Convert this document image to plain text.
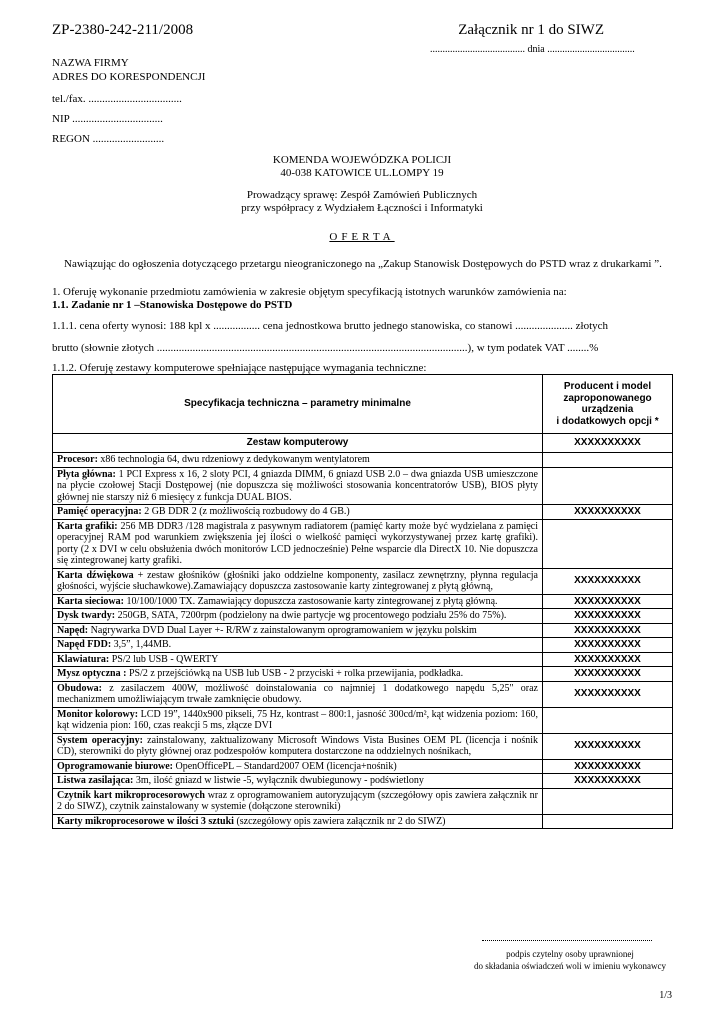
ZP-2380-242-211/2008	Załącznik nr 1 do SIWZ
...................................... dnia ...................................
NAZWA FIRMY
ADRES DO KORESPONDENCJI
tel./fax. ..................................
NIP .................................
REGON ..........................
KOMENDA WOJEWÓDZKA POLICJI
40-038 KATOWICE UL.LOMPY 19
Prowadzący sprawę: Zespół Zamówień Publicznych
przy współpracy z Wydziałem Łączności i Informatyki
OFERTA
Nawiązując do ogłoszenia dotyczącego przetargu nieograniczonego na „Zakup Stanowisk Dostępowych do PSTD wraz z drukarkami ”.
1. Oferuję wykonanie przedmiotu zamówienia w zakresie objętym specyfikacją istotnych warunków zamówienia na:
1.1. Zadanie nr 1 –Stanowiska Dostępowe do PSTD
1.1.1. cena oferty wynosi: 188 kpl x ................. cena jednostkowa brutto jednego stanowiska, co stanowi ..................... złotych
brutto (słownie złotych .................................................................................................................), w tym podatek VAT ........%
1.1.2. Oferuję zestawy komputerowe spełniające następujące wymagania techniczne:
Specyfikacja techniczna – parametry minimalne	Producent i model
zaproponowanego
urządzenia
i dodatkowych opcji *

Zestaw komputerowy	XXXXXXXXXX
Procesor: x86 technologia 64, dwu rdzeniowy z dedykowanym wentylatorem	
Płyta główna: 1 PCI Express x 16, 2 sloty PCI, 4 gniazda DIMM, 6 gniazd USB 2.0 – dwa gniazda USB umieszczone na płycie czołowej Stacji Dostępowej (nie dopuszcza się możliwości stosowania koncentratorów USB), BIOS płyty głównej nie starszy niż 6 miesięcy z funkcja DUAL BIOS.	
Pamięć operacyjna: 2 GB DDR 2 (z możliwością rozbudowy do 4 GB.)	XXXXXXXXXX
Karta grafiki: 256 MB DDR3 /128 magistrala z pasywnym radiatorem (pamięć karty może być wydzielana z pamięci operacyjnej RAM pod warunkiem zwiększenia jej ilości o wielkość pamięci wykorzystywanej przez kartę grafiki). porty (2 x DVI w celu obsłużenia dwóch monitorów LCD jednocześnie) Pełne wsparcie dla DirectX 10. Nie dopuszcza się zintegrowanej karty grafiki.	
Karta dźwiękowa + zestaw głośników (głośniki jako oddzielne komponenty, zasilacz zewnętrzny, płynna regulacja głośności, wyjście słuchawkowe).Zamawiający dopuszcza zastosowanie karty zintegrowanej z płytą główną,	XXXXXXXXXX
Karta sieciowa: 10/100/1000 TX. Zamawiający dopuszcza zastosowanie karty zintegrowanej z płytą główną.	XXXXXXXXXX
Dysk twardy: 250GB, SATA, 7200rpm (podzielony na dwie partycje wg procentowego podziału 25% do 75%).	XXXXXXXXXX
Napęd: Nagrywarka DVD Dual Layer +- R/RW z zainstalowanym oprogramowaniem w języku polskim	XXXXXXXXXX
Napęd FDD: 3,5”, 1,44MB.	XXXXXXXXXX
Klawiatura: PS/2 lub USB - QWERTY	XXXXXXXXXX
Mysz optyczna : PS/2 z przejściówką na USB lub USB - 2 przyciski + rolka przewijania, podkładka.	XXXXXXXXXX
Obudowa: z zasilaczem 400W, możliwość doinstalowania co najmniej 1 dodatkowego napędu 5,25" oraz mechanizmem umożliwiającym trwałe zamknięcie obudowy.	XXXXXXXXXX
Monitor kolorowy: LCD 19”, 1440x900 pikseli, 75 Hz, kontrast – 800:1, jasność 300cd/m², kąt widzenia poziom: 160, kąt widzenia pion: 160, czas reakcji 5 ms, złącze DVI	
System operacyjny: zainstalowany, zaktualizowany Microsoft Windows Vista Busines OEM PL (licencja i nośnik CD), sterowniki do płyty głównej oraz podzespołów komputera dostarczone na oddzielnych nośnikach,	XXXXXXXXXX
Oprogramowanie biurowe: OpenOfficePL – Standard2007 OEM (licencja+nośnik)	XXXXXXXXXX
Listwa zasilająca: 3m, ilość gniazd w listwie -5, wyłącznik dwubiegunowy - podświetlony	XXXXXXXXXX
Czytnik kart mikroprocesorowych wraz z oprogramowaniem autoryzującym (szczegółowy opis zawiera załącznik nr 2 do SIWZ), czytnik zainstalowany w systemie (dołączone sterowniki)	
Karty mikroprocesorowe w ilości 3 sztuki (szczegółowy opis zawiera załącznik nr 2 do SIWZ)	
podpis czytelny osoby uprawnionej
do składania oświadczeń woli w imieniu wykonawcy
1/3
